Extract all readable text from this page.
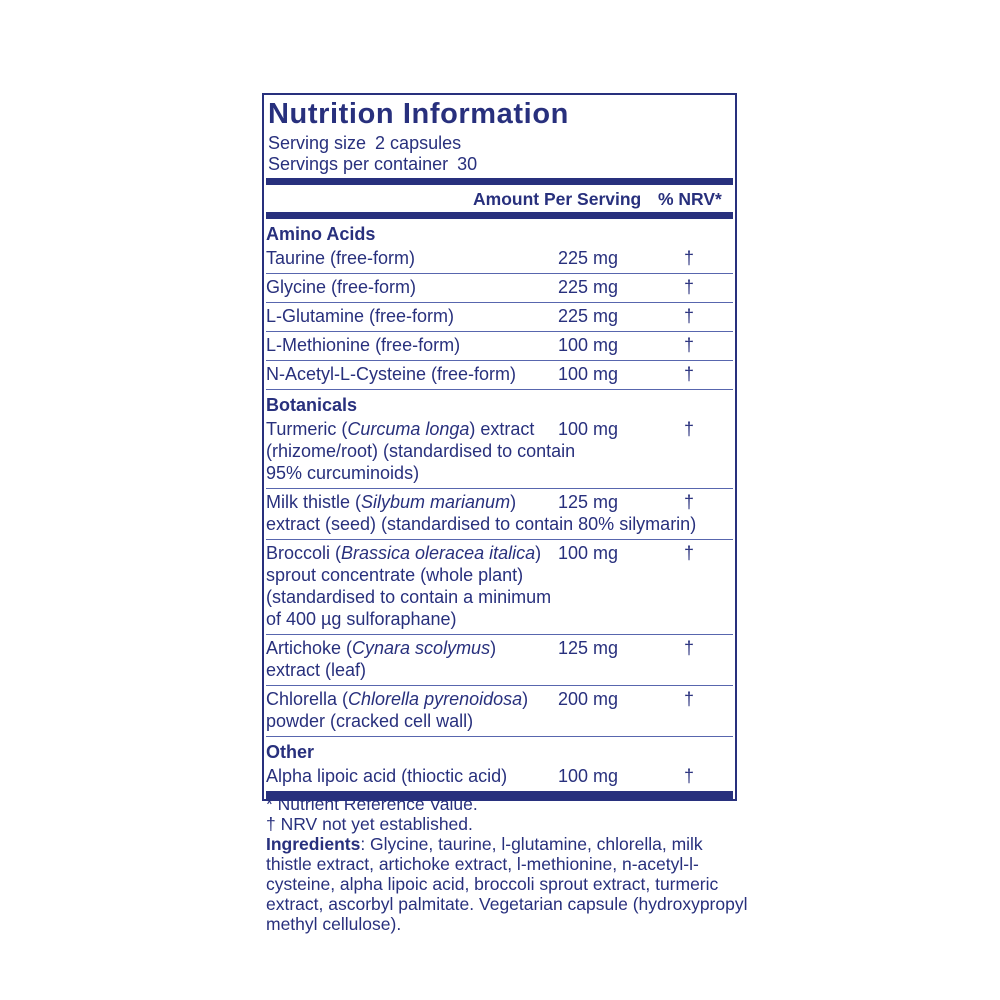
Nutrition Information
Serving size 2 capsules
Servings per container 30
Amount Per Serving % NRV*
Amino Acids
Taurine (free-form)	225 mg	†
Glycine (free-form)	225 mg	†
L-Glutamine (free-form)	225 mg	†
L-Methionine (free-form)	100 mg	†
N-Acetyl-L-Cysteine (free-form)	100 mg	†
Botanicals
Turmeric (Curcuma longa) extract
(rhizome/root) (standardised to contain
95% curcuminoids)
100 mg	†
Milk thistle (Silybum marianum)
extract (seed) (standardised to contain 80% silymarin)
125 mg	†
Broccoli (Brassica oleracea italica)
sprout concentrate (whole plant)
(standardised to contain a minimum
of 400 µg sulforaphane)
100 mg	†
Artichoke (Cynara scolymus)
extract (leaf)
125 mg	†
Chlorella (Chlorella pyrenoidosa)
powder (cracked cell wall)
200 mg	†
Other
Alpha lipoic acid (thioctic acid)	100 mg	†
* Nutrient Reference Value.
† NRV not yet established.
Ingredients: Glycine, taurine, l-glutamine, chlorella, milk thistle extract, artichoke extract, l-methionine, n-acetyl-l-cysteine, alpha lipoic acid, broccoli sprout extract, turmeric extract, ascorbyl palmitate. Vegetarian capsule (hydroxypropyl methyl cellulose).
